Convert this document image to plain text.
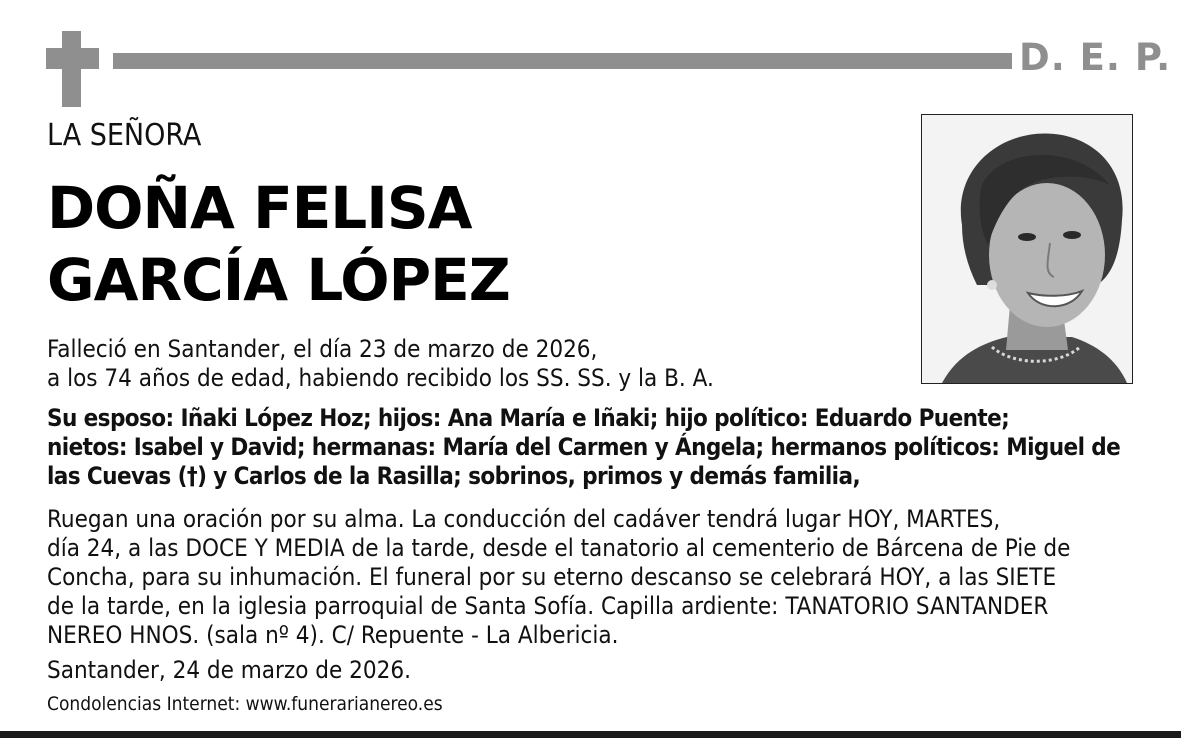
D. E. P.
LA SEÑORA
DOÑA FELISA
GARCÍA LÓPEZ
Falleció en Santander, el día 23 de marzo de 2026,
a los 74 años de edad, habiendo recibido los SS. SS. y la B. A.
Su esposo: Iñaki López Hoz; hijos: Ana María e Iñaki; hijo político: Eduardo Puente;
nietos: Isabel y David; hermanas: María del Carmen y Ángela; hermanos políticos: Miguel de
las Cuevas (†) y Carlos de la Rasilla; sobrinos, primos y demás familia,
Ruegan una oración por su alma. La conducción del cadáver tendrá lugar HOY, MARTES,
día 24, a las DOCE Y MEDIA de la tarde, desde el tanatorio al cementerio de Bárcena de Pie de
Concha, para su inhumación. El funeral por su eterno descanso se celebrará HOY, a las SIETE
de la tarde, en la iglesia parroquial de Santa Sofía. Capilla ardiente: TANATORIO SANTANDER
NEREO HNOS. (sala nº 4). C/ Repuente - La Albericia.
Santander, 24 de marzo de 2026.
Condolencias Internet: www.funerarianereo.es
